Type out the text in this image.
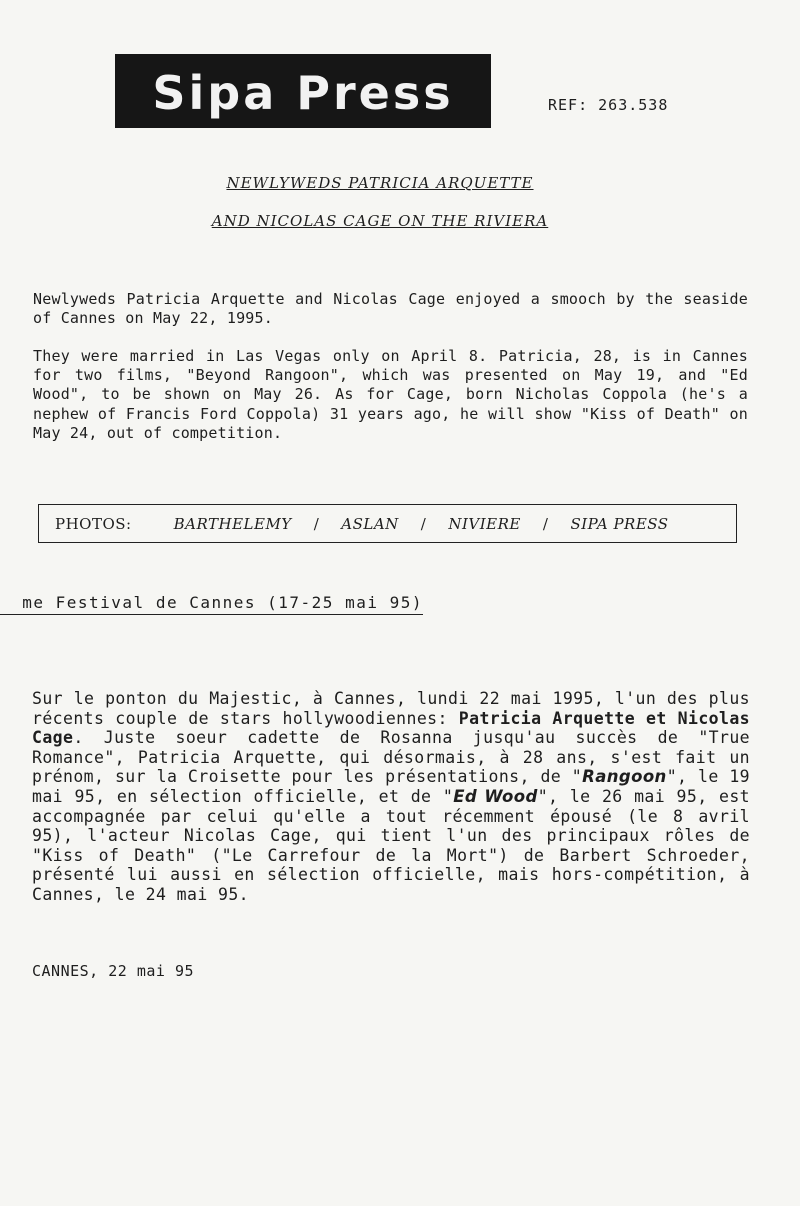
Sipa Press	REF: 263.538
NEWLYWEDS PATRICIA ARQUETTE
AND NICOLAS CAGE ON THE RIVIERA

Newlyweds Patricia Arquette and Nicolas Cage enjoyed a smooch by the seaside of Cannes on May 22, 1995.

They were married in Las Vegas only on April 8. Patricia, 28, is in Cannes for two films, "Beyond Rangoon", which was presented on May 19, and "Ed Wood", to be shown on May 26. As for Cage, born Nicholas Coppola (he's a nephew of Francis Ford Coppola) 31 years ago, he will show "Kiss of Death" on May 24, out of competition.

PHOTOS:	BARTHELEMY / ASLAN / NIVIERE / SIPA PRESS
me Festival de Cannes (17-25 mai 95)

Sur le ponton du Majestic, à Cannes, lundi 22 mai 1995, l'un des plus récents couple de stars hollywoodiennes: Patricia Arquette et Nicolas Cage. Juste soeur cadette de Rosanna jusqu'au succès de "True Romance", Patricia Arquette, qui désormais, à 28 ans, s'est fait un prénom, sur la Croisette pour les présentations, de "Rangoon", le 19 mai 95, en sélection officielle, et de "Ed Wood", le 26 mai 95, est accompagnée par celui qu'elle a tout récemment épousé (le 8 avril 95), l'acteur Nicolas Cage, qui tient l'un des principaux rôles de "Kiss of Death" ("Le Carrefour de la Mort") de Barbert Schroeder, présenté lui aussi en sélection officielle, mais hors-compétition, à Cannes, le 24 mai 95.

CANNES, 22 mai 95
